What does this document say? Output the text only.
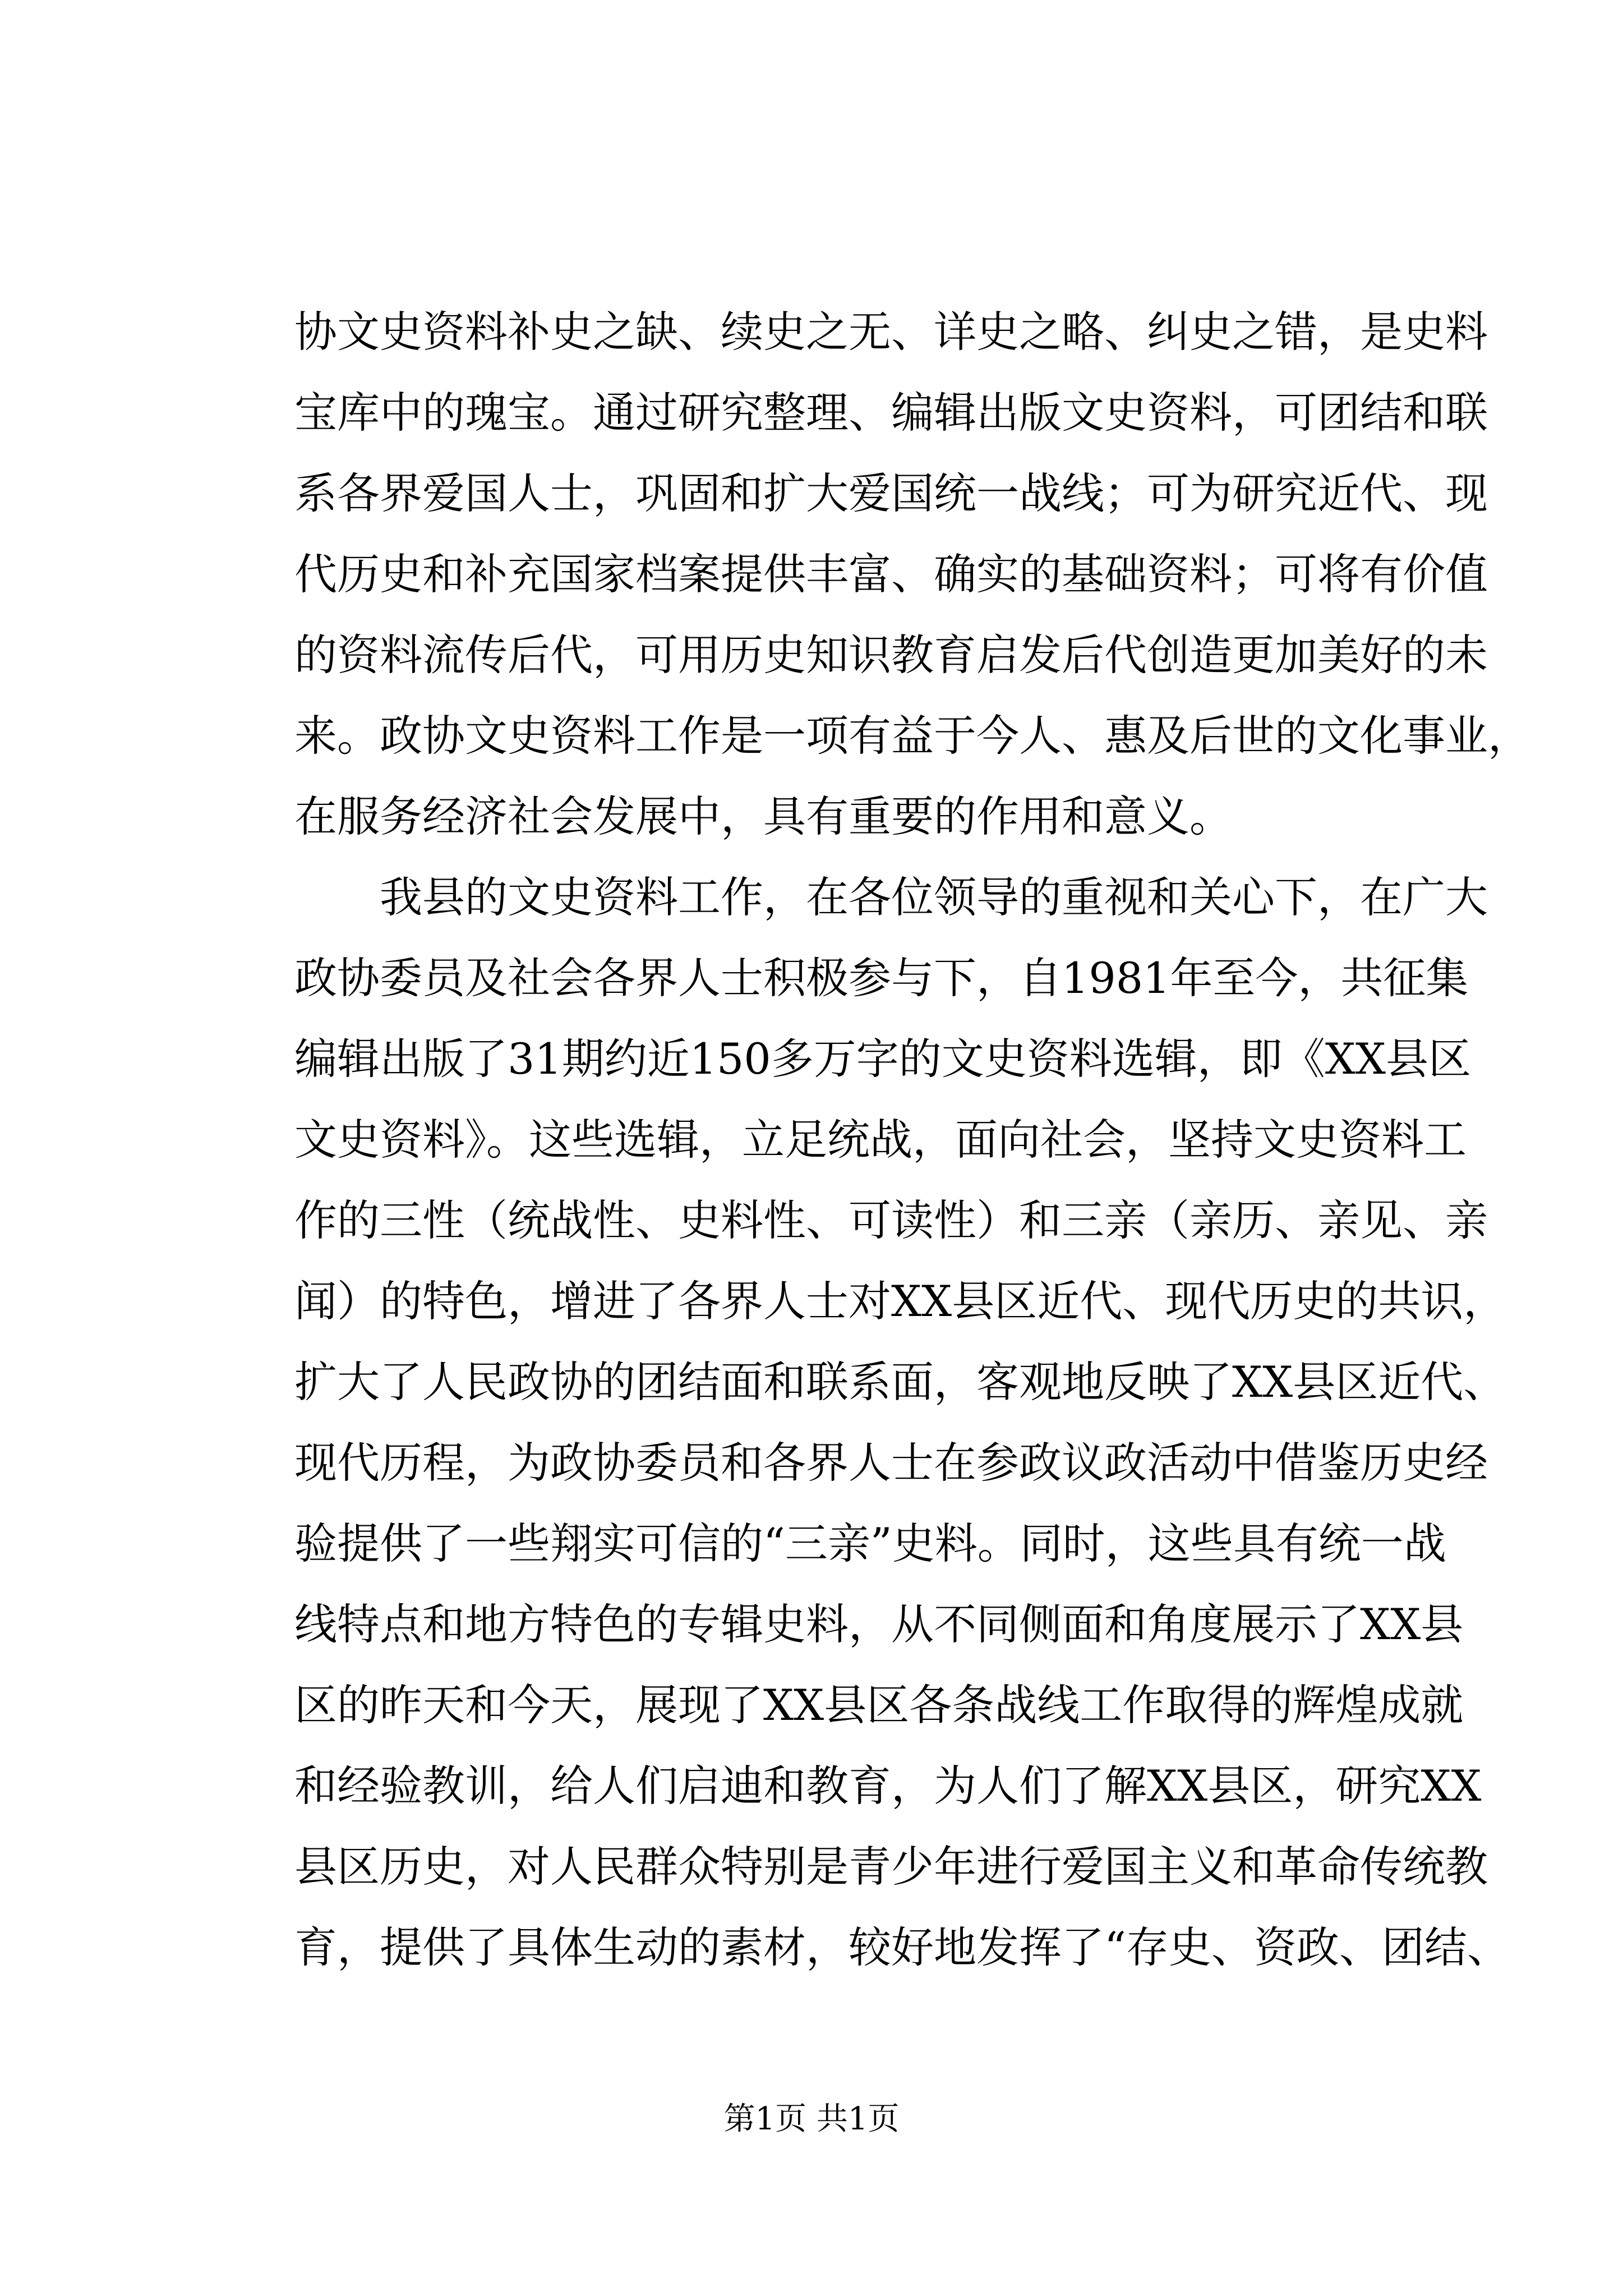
协文史资料补史之缺、续史之无、详史之略、纠史之错，是史料
宝库中的瑰宝。通过研究整理、编辑出版文史资料，可团结和联
系各界爱国人士，巩固和扩大爱国统一战线；可为研究近代、现
代历史和补充国家档案提供丰富、确实的基础资料；可将有价值
的资料流传后代，可用历史知识教育启发后代创造更加美好的未
来。政协文史资料工作是一项有益于今人、惠及后世的文化事业，
在服务经济社会发展中，具有重要的作用和意义。
我县的文史资料工作，在各位领导的重视和关心下，在广大
政协委员及社会各界人士积极参与下，自1981年至今，共征集
编辑出版了31期约近150多万字的文史资料选辑，即《XX县区
文史资料》。这些选辑，立足统战，面向社会，坚持文史资料工
作的三性（统战性、史料性、可读性）和三亲（亲历、亲见、亲
闻）的特色，增进了各界人士对XX县区近代、现代历史的共识，
扩大了人民政协的团结面和联系面，客观地反映了XX县区近代、
现代历程，为政协委员和各界人士在参政议政活动中借鉴历史经
验提供了一些翔实可信的“三亲”史料。同时，这些具有统一战
线特点和地方特色的专辑史料，从不同侧面和角度展示了XX县
区的昨天和今天，展现了XX县区各条战线工作取得的辉煌成就
和经验教训，给人们启迪和教育，为人们了解XX县区，研究XX
县区历史，对人民群众特别是青少年进行爱国主义和革命传统教
育，提供了具体生动的素材，较好地发挥了“存史、资政、团结、
第1页 共1页
